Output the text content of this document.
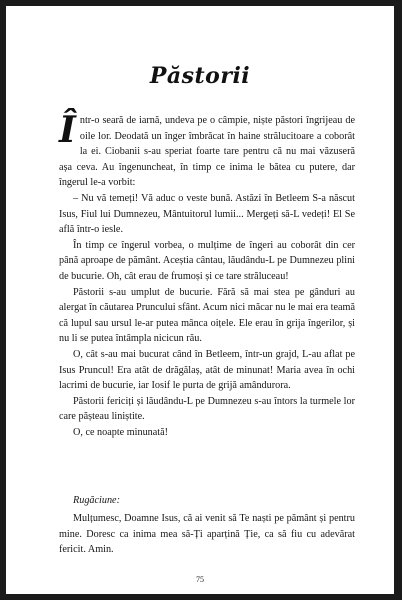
Păstorii

Într-o seară de iarnă, undeva pe o câmpie, niște păstori îngrijeau de oile lor. Deodată un înger îmbrăcat în haine strălucitoare a coborât la ei. Ciobanii s-au speriat foarte tare pentru că nu mai văzuseră așa ceva. Au îngenuncheat, în timp ce inima le bătea cu putere, dar îngerul le-a vorbit:

– Nu vă temeți! Vă aduc o veste bună. Astăzi în Betleem S-a născut Isus, Fiul lui Dumnezeu, Mântuitorul lumii... Mergeți să-L vedeți! El Se află într-o iesle.

În timp ce îngerul vorbea, o mulțime de îngeri au coborât din cer până aproape de pământ. Aceștia cântau, lăudându-L pe Dumnezeu plini de bucurie. Oh, cât erau de frumoși și ce tare străluceau!

Păstorii s-au umplut de bucurie. Fără să mai stea pe gânduri au alergat în căutarea Pruncului sfânt. Acum nici măcar nu le mai era teamă că lupul sau ursul le-ar putea mânca oițele. Ele erau în grija îngerilor, și nu li se putea întâmpla nicicun rău.

O, cât s-au mai bucurat când în Betleem, într-un grajd, L-au aflat pe Isus Pruncul! Era atât de drăgălaș, atât de minunat! Maria avea în ochi lacrimi de bucurie, iar Iosif le purta de grijă amândurora.

Păstorii fericiți și lăudându-L pe Dumnezeu s-au întors la turmele lor care pășteau liniștite.

O, ce noapte minunată!

Rugăciune:

Mulțumesc, Doamne Isus, că ai venit să Te naști pe pământ și pentru mine. Doresc ca inima mea să-Ți aparțină Ție, ca să fiu cu adevărat fericit. Amin.

75
